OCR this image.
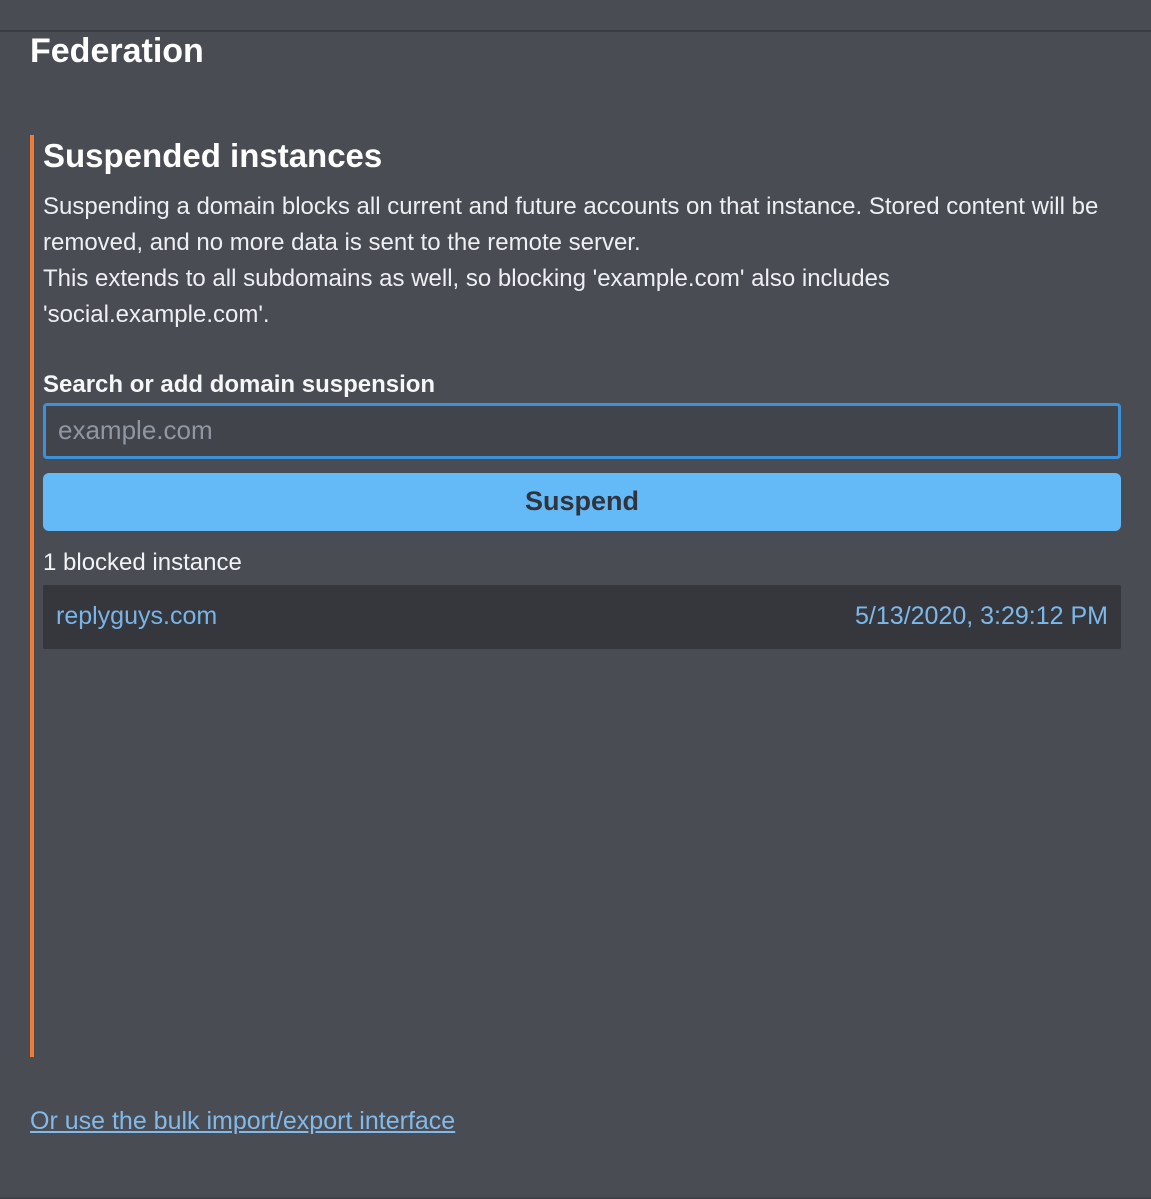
Federation
Suspended instances

Suspending a domain blocks all current and future accounts on that instance. Stored content will be removed, and no more data is sent to the remote server.
This extends to all subdomains as well, so blocking 'example.com' also includes 'social.example.com'.

Search or add domain suspension
example.com
Suspend
1 blocked instance
replyguys.com	5/13/2020, 3:29:12 PM
Or use the bulk import/export interface
